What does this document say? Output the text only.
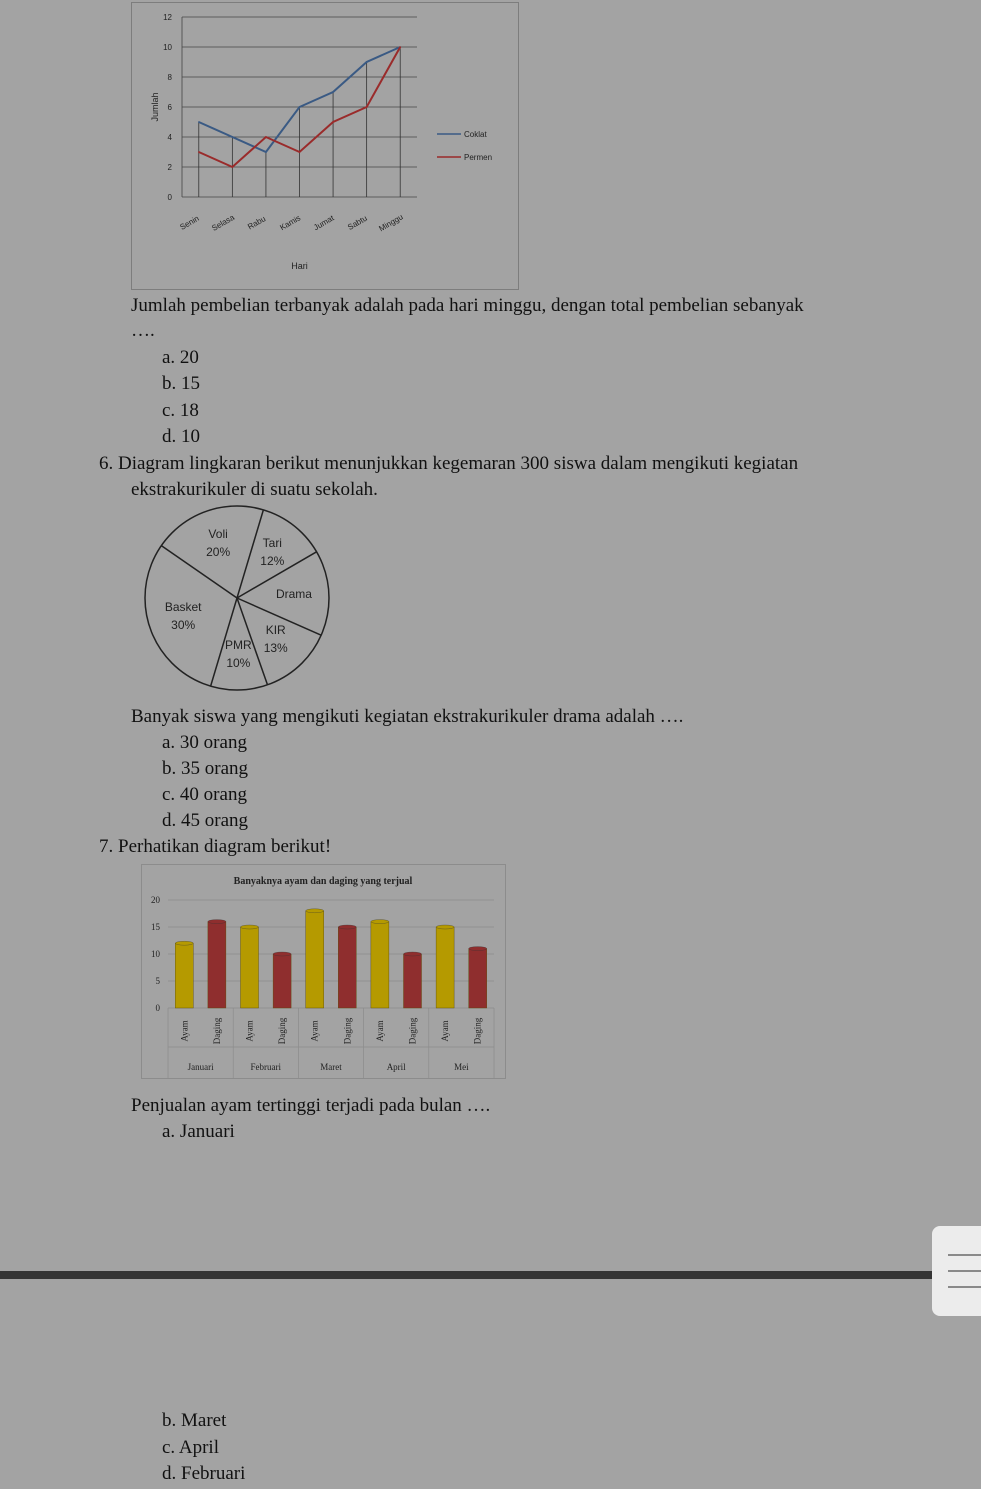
0
2
4
6
8
10
12
Senin Selasa Rabu Kamis Jumat Sabtu Minggu
Hari
Jumlah
Coklat
Permen
Jumlah pembelian terbanyak adalah pada hari minggu, dengan total pembelian sebanyak
….
a. 20
b. 15
c. 18
d. 10
6. Diagram lingkaran berikut menunjukkan kegemaran 300 siswa dalam mengikuti kegiatan
ekstrakurikuler di suatu sekolah.
Tari
12%
Drama
KIR
13%
PMR
10%
Basket
30%
Voli
20%
Banyak siswa yang mengikuti kegiatan ekstrakurikuler drama adalah ….
a. 30 orang
b. 35 orang
c. 40 orang
d. 45 orang
7. Perhatikan diagram berikut!
Banyaknya ayam dan daging yang terjual
0
5
10
15
20
Ayam	Daging	Ayam	Daging	Ayam	Daging	Ayam	Daging	Ayam	Daging
Januari	Februari	Maret	April	Mei
Penjualan ayam tertinggi terjadi pada bulan ….
a. Januari
b. Maret
c. April
d. Februari
